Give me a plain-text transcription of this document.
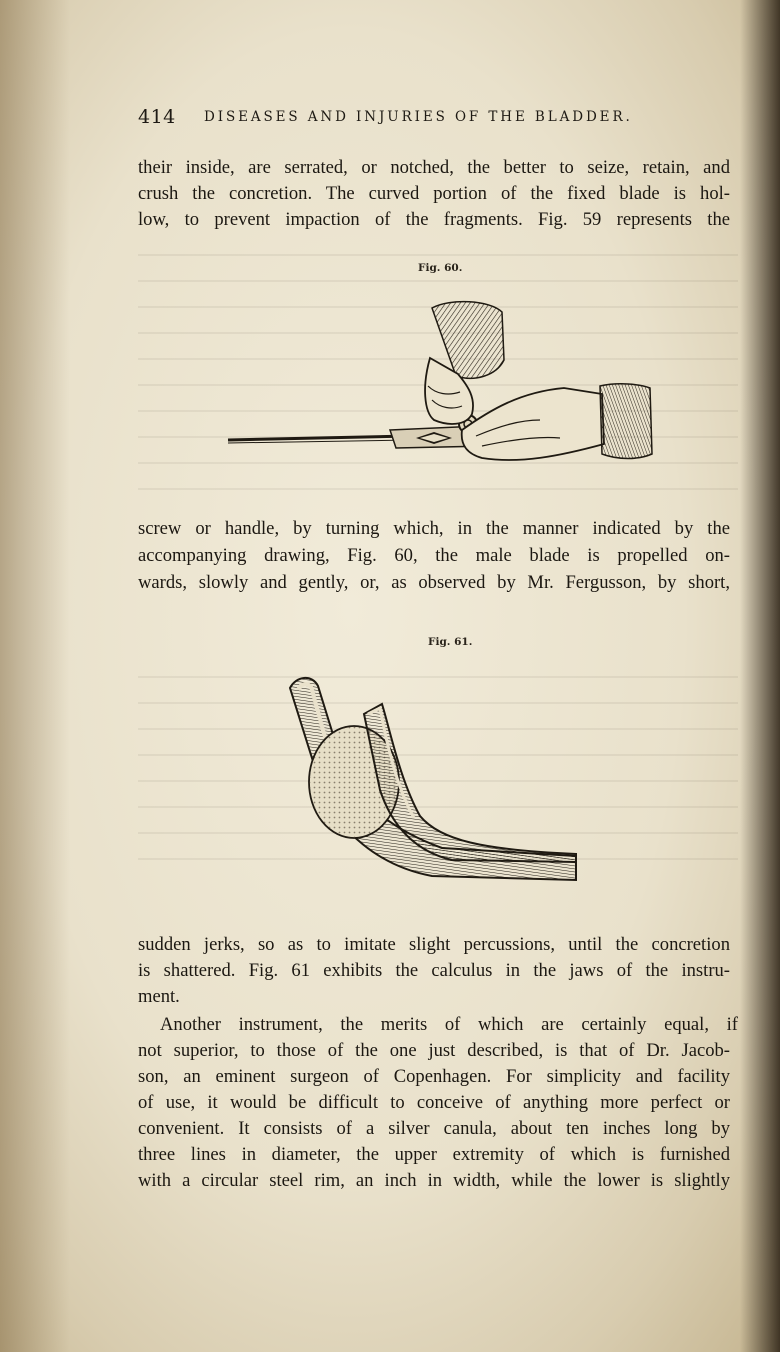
414 DISEASES AND INJURIES OF THE BLADDER.
their inside, are serrated, or notched, the better to seize, retain, and
crush the concretion. The curved portion of the fixed blade is hol-
low, to prevent impaction of the fragments. Fig. 59 represents the
Fig. 60.
screw or handle, by turning which, in the manner indicated by the
accompanying drawing, Fig. 60, the male blade is propelled on-
wards, slowly and gently, or, as observed by Mr. Fergusson, by short,
Fig. 61.
sudden jerks, so as to imitate slight percussions, until the concretion
is shattered. Fig. 61 exhibits the calculus in the jaws of the instru-
ment.
Another instrument, the merits of which are certainly equal, if
not superior, to those of the one just described, is that of Dr. Jacob-
son, an eminent surgeon of Copenhagen. For simplicity and facility
of use, it would be difficult to conceive of anything more perfect or
convenient. It consists of a silver canula, about ten inches long by
three lines in diameter, the upper extremity of which is furnished
with a circular steel rim, an inch in width, while the lower is slightly
